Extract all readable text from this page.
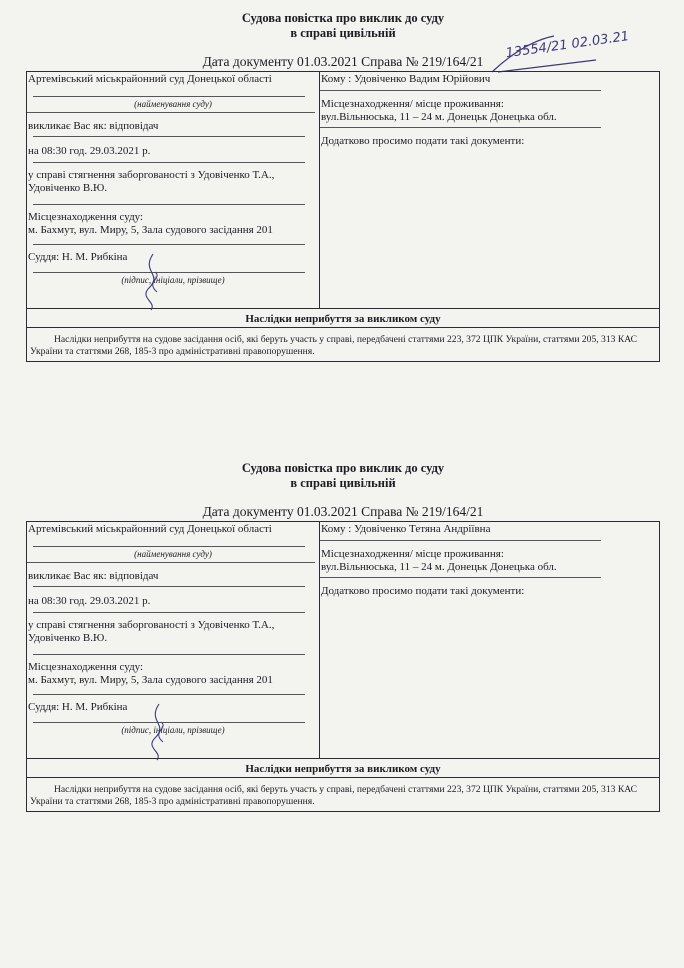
Судова повістка про виклик до суду
в справі цивільній
Дата документу 01.03.2021 Справа № 219/164/21
13554/21 02.03.21
Артемівський міськрайонний суд Донецької області
(найменування суду)
викликає Вас як: відповідач
на 08:30 год. 29.03.2021 р.
у справі стягнення заборгованості з Удовіченко Т.А.,
Удовіченко В.Ю.
Місцезнаходження суду:
м. Бахмут, вул. Миру, 5, Зала судового засідання 201
Суддя: Н. М. Рибкіна
(підпис, ініціали, прізвище)
Кому : Удовіченко Вадим Юрійович
Місцезнаходження/ місце проживання:
вул.Вільнюська, 11 – 24 м. Донецьк Донецька обл.
Додатково просимо подати такі документи:
Наслідки неприбуття за викликом суду
Наслідки неприбуття на судове засідання осіб, які беруть участь у справі, передбачені статтями 223, 372 ЦПК України, статтями 205, 313 КАС України та статтями 268, 185-3 про адміністративні правопорушення.
Судова повістка про виклик до суду
в справі цивільній
Дата документу 01.03.2021 Справа № 219/164/21
Артемівський міськрайонний суд Донецької області
(найменування суду)
викликає Вас як: відповідач
на 08:30 год. 29.03.2021 р.
у справі стягнення заборгованості з Удовіченко Т.А.,
Удовіченко В.Ю.
Місцезнаходження суду:
м. Бахмут, вул. Миру, 5, Зала судового засідання 201
Суддя: Н. М. Рибкіна
(підпис, ініціали, прізвище)
Кому : Удовіченко Тетяна Андріївна
Місцезнаходження/ місце проживання:
вул.Вільнюська, 11 – 24 м. Донецьк Донецька обл.
Додатково просимо подати такі документи:
Наслідки неприбуття за викликом суду
Наслідки неприбуття на судове засідання осіб, які беруть участь у справі, передбачені статтями 223, 372 ЦПК України, статтями 205, 313 КАС України та статтями 268, 185-3 про адміністративні правопорушення.
